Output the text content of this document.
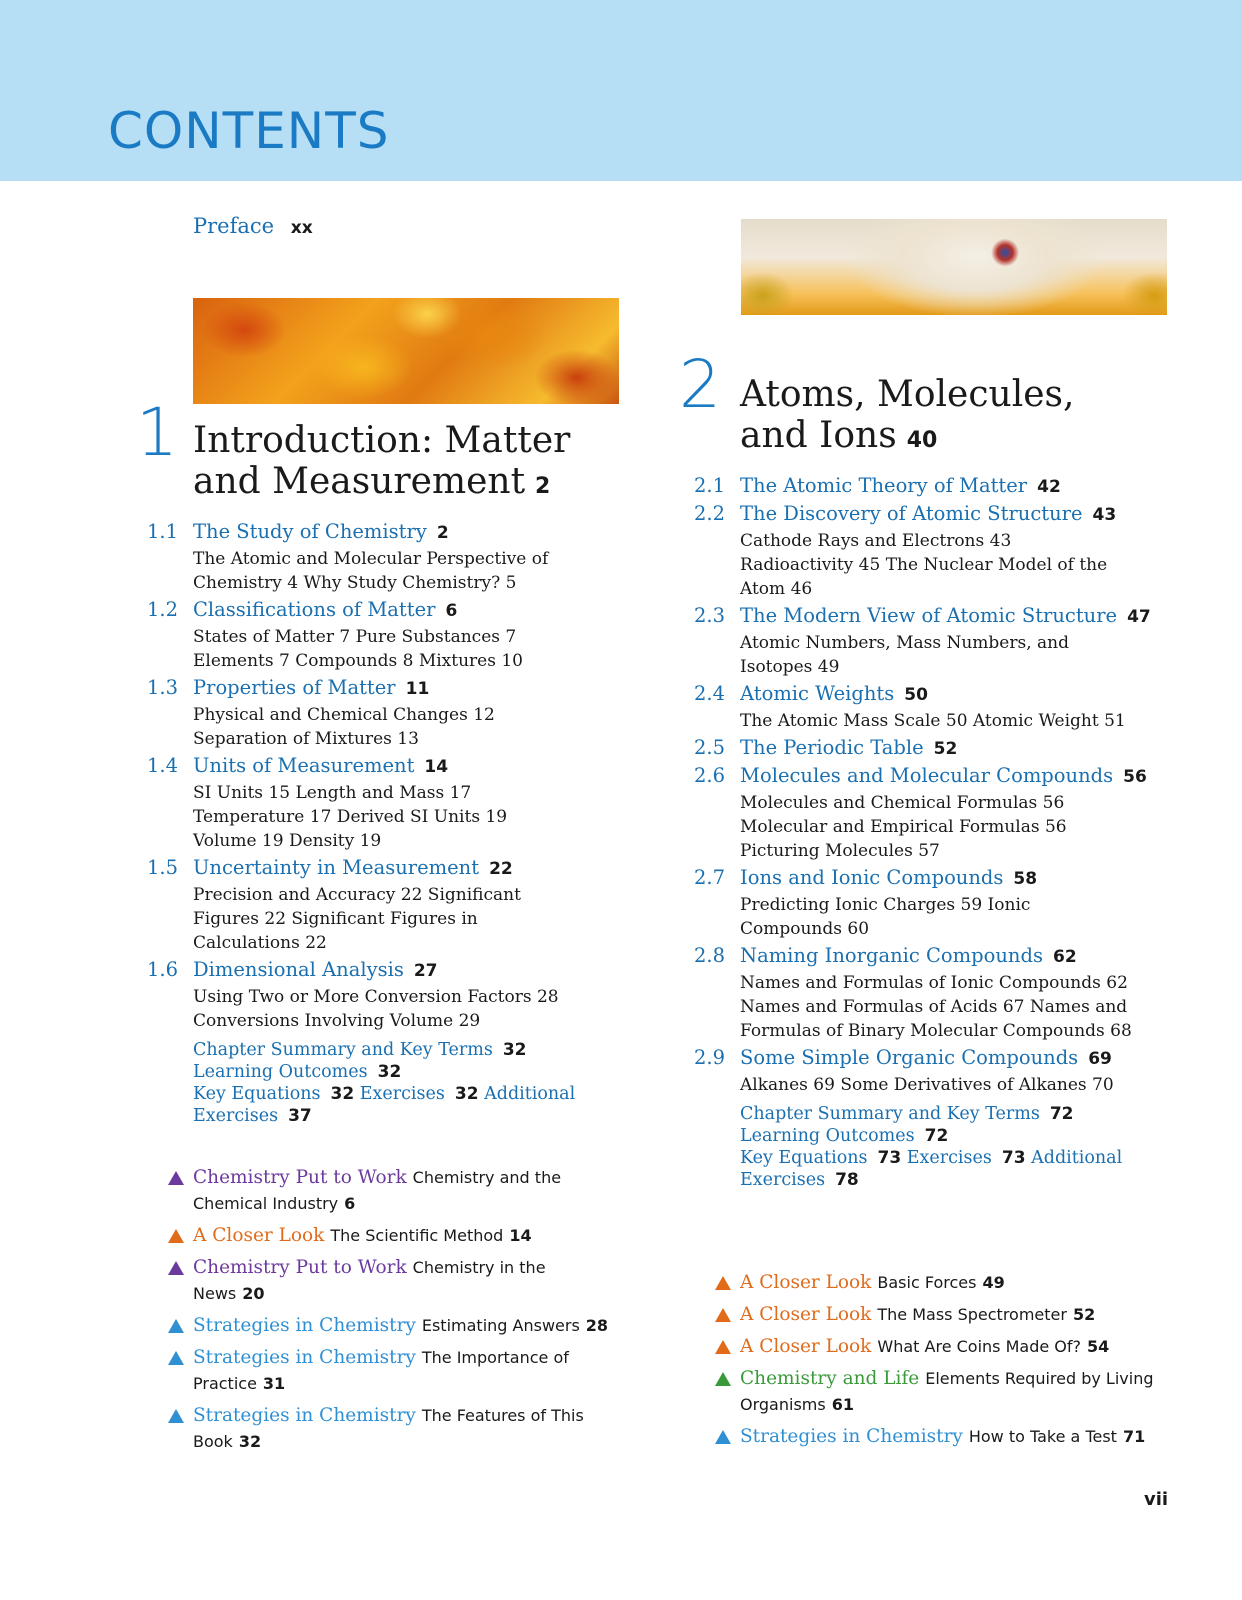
CONTENTS
Preface xx
1 Introduction: Matter
and Measurement 2
1.1 The Study of Chemistry 2
The Atomic and Molecular Perspective of
Chemistry 4 Why Study Chemistry? 5

1.2 Classifications of Matter 6
States of Matter 7 Pure Substances 7
Elements 7 Compounds 8 Mixtures 10

1.3 Properties of Matter 11
Physical and Chemical Changes 12
Separation of Mixtures 13

1.4 Units of Measurement 14
SI Units 15 Length and Mass 17
Temperature 17 Derived SI Units 19
Volume 19 Density 19

1.5 Uncertainty in Measurement 22
Precision and Accuracy 22 Significant
Figures 22 Significant Figures in
Calculations 22

1.6 Dimensional Analysis 27
Using Two or More Conversion Factors 28
Conversions Involving Volume 29

Chapter Summary and Key Terms 32
Learning Outcomes 32
Key Equations 32 Exercises 32 Additional Exercises 37
Chemistry Put to Work Chemistry and the Chemical Industry 6
A Closer Look The Scientific Method 14
Chemistry Put to Work Chemistry in the News 20
Strategies in Chemistry Estimating Answers 28
Strategies in Chemistry The Importance of Practice 31
Strategies in Chemistry The Features of This Book 32
2 Atoms, Molecules,
and Ions 40
2.1 The Atomic Theory of Matter 42
2.2 The Discovery of Atomic Structure 43
Cathode Rays and Electrons 43
Radioactivity 45 The Nuclear Model of the
Atom 46

2.3 The Modern View of Atomic Structure 47
Atomic Numbers, Mass Numbers, and
Isotopes 49

2.4 Atomic Weights 50
The Atomic Mass Scale 50 Atomic Weight 51

2.5 The Periodic Table 52
2.6 Molecules and Molecular Compounds 56
Molecules and Chemical Formulas 56
Molecular and Empirical Formulas 56
Picturing Molecules 57

2.7 Ions and Ionic Compounds 58
Predicting Ionic Charges 59 Ionic
Compounds 60

2.8 Naming Inorganic Compounds 62
Names and Formulas of Ionic Compounds 62
Names and Formulas of Acids 67 Names and
Formulas of Binary Molecular Compounds 68

2.9 Some Simple Organic Compounds 69
Alkanes 69 Some Derivatives of Alkanes 70

Chapter Summary and Key Terms 72
Learning Outcomes 72
Key Equations 73 Exercises 73 Additional Exercises 78
A Closer Look Basic Forces 49
A Closer Look The Mass Spectrometer 52
A Closer Look What Are Coins Made Of? 54
Chemistry and Life Elements Required by Living Organisms 61
Strategies in Chemistry How to Take a Test 71
vii
